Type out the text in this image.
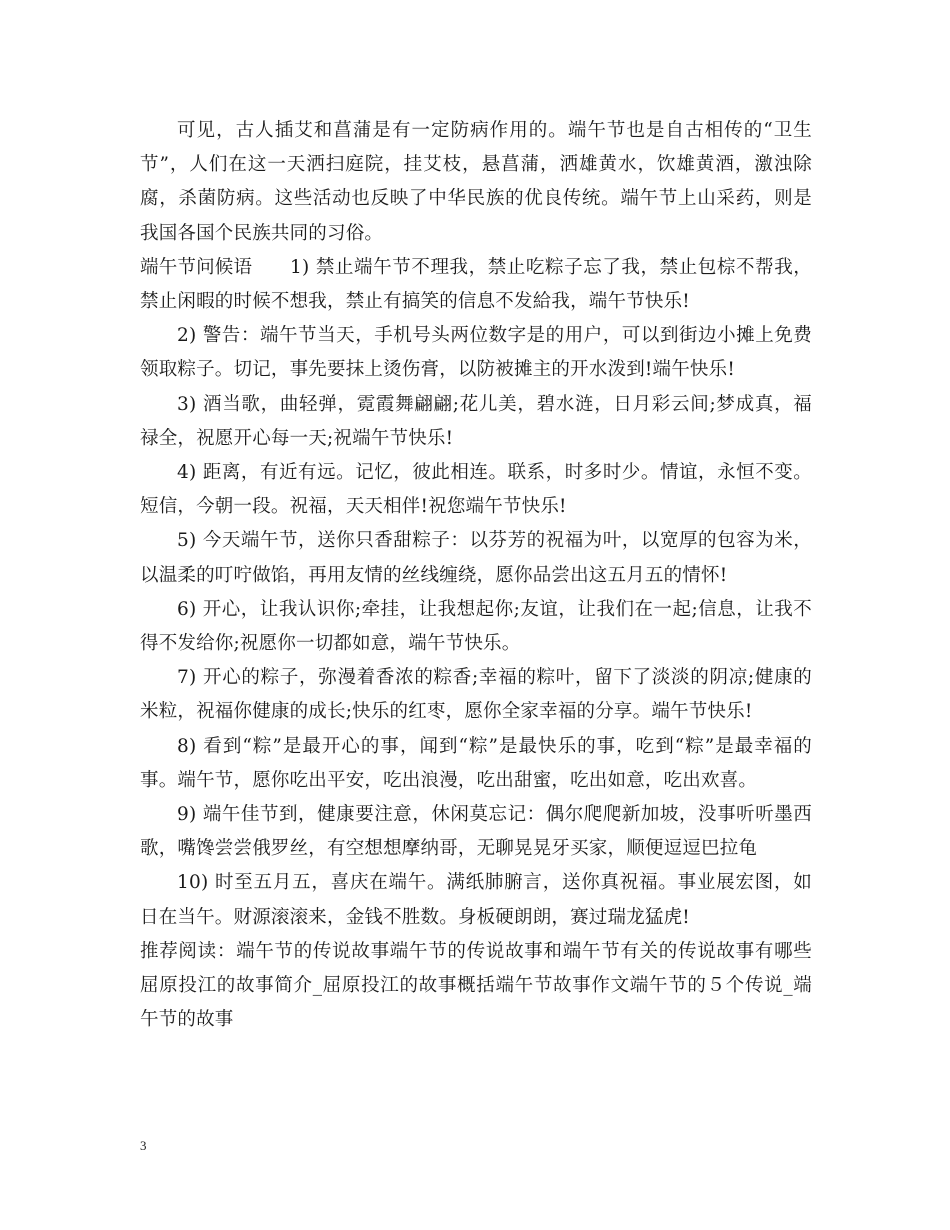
可见，古人插艾和菖蒲是有一定防病作用的。端午节也是自古相传的“卫生节”，人们在这一天洒扫庭院，挂艾枝，悬菖蒲，洒雄黄水，饮雄黄酒，激浊除腐，杀菌防病。这些活动也反映了中华民族的优良传统。端午节上山采药，则是我国各国个民族共同的习俗。

端午节问候语 1) 禁止端午节不理我，禁止吃粽子忘了我，禁止包棕不帮我，禁止闲暇的时候不想我，禁止有搞笑的信息不发給我，端午节快乐!

2) 警告：端午节当天，手机号头两位数字是的用户，可以到街边小摊上免费领取粽子。切记，事先要抹上烫伤膏，以防被摊主的开水泼到!端午快乐!

3) 酒当歌，曲轻弹，霓霞舞翩翩;花儿美，碧水涟，日月彩云间;梦成真，福禄全，祝愿开心每一天;祝端午节快乐!

4) 距离，有近有远。记忆，彼此相连。联系，时多时少。情谊，永恒不变。短信，今朝一段。祝福，天天相伴!祝您端午节快乐!

5) 今天端午节，送你只香甜粽子：以芬芳的祝福为叶，以宽厚的包容为米，以温柔的叮咛做馅，再用友情的丝线缠绕，愿你品尝出这五月五的情怀!

6) 开心，让我认识你;牵挂，让我想起你;友谊，让我们在一起;信息，让我不得不发给你;祝愿你一切都如意，端午节快乐。

7) 开心的粽子，弥漫着香浓的粽香;幸福的粽叶，留下了淡淡的阴凉;健康的米粒，祝福你健康的成长;快乐的红枣，愿你全家幸福的分享。端午节快乐!

8) 看到“粽”是最开心的事，闻到“粽”是最快乐的事，吃到“粽”是最幸福的事。端午节，愿你吃出平安，吃出浪漫，吃出甜蜜，吃出如意，吃出欢喜。

9) 端午佳节到，健康要注意，休闲莫忘记：偶尔爬爬新加坡，没事听听墨西歌，嘴馋尝尝俄罗丝，有空想想摩纳哥，无聊晃晃牙买家，顺便逗逗巴拉龟

10) 时至五月五，喜庆在端午。满纸肺腑言，送你真祝福。事业展宏图，如日在当午。财源滚滚来，金钱不胜数。身板硬朗朗，赛过瑞龙猛虎!

推荐阅读：端午节的传说故事端午节的传说故事和端午节有关的传说故事有哪些屈原投江的故事简介_屈原投江的故事概括端午节故事作文端午节的５个传说_端午节的故事

3
